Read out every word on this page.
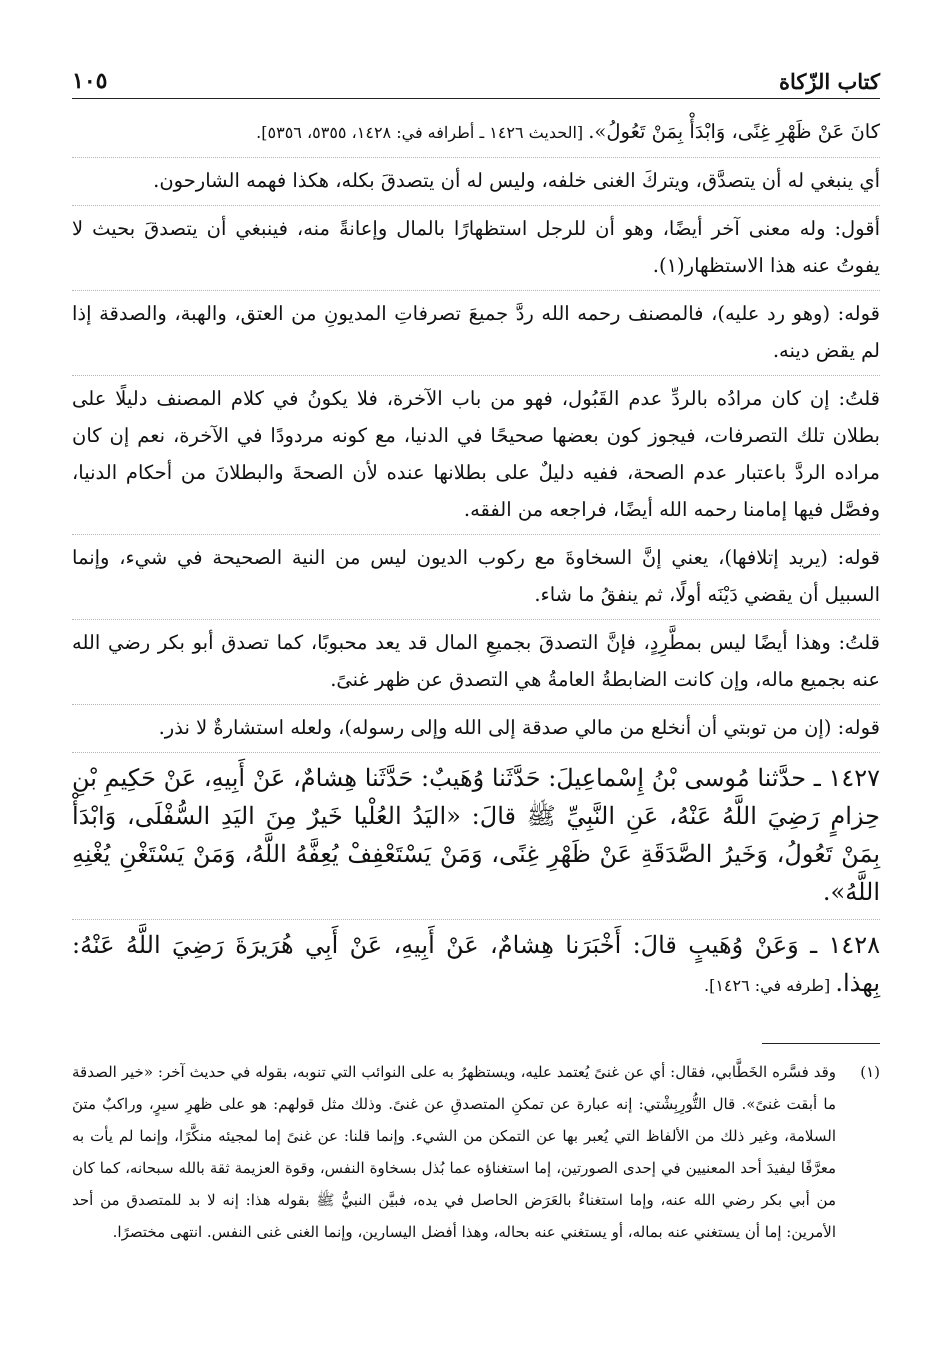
كتاب الزّكاة
١٠٥

كانَ عَنْ ظَهْرِ غِنًى، وَابْدَأْ بِمَنْ تَعُولُ». [الحديث ١٤٢٦ ـ أطرافه في: ١٤٢٨، ٥٣٥٥، ٥٣٥٦].

أي ينبغي له أن يتصدَّق، ويتركَ الغنى خلفه، وليس له أن يتصدقَ بكله، هكذا فهمه الشارحون.

أقول: وله معنى آخر أيضًا، وهو أن للرجل استظهارًا بالمال وإعانةً منه، فينبغي أن يتصدقَ بحيث لا يفوتُ عنه هذا الاستظهار(١).

قوله: (وهو رد عليه)، فالمصنف رحمه الله ردَّ جميعَ تصرفاتِ المديونِ من العتق، والهبة، والصدقة إذا لم يقض دينه.

قلتُ: إن كان مرادُه بالردِّ عدم القَبُول، فهو من باب الآخرة، فلا يكونُ في كلام المصنف دليلًا على بطلان تلك التصرفات، فيجوز كون بعضها صحيحًا في الدنيا، مع كونه مردودًا في الآخرة، نعم إن كان مراده الردَّ باعتبار عدم الصحة، ففيه دليلٌ على بطلانها عنده لأن الصحةَ والبطلانَ من أحكام الدنيا، وفصَّل فيها إمامنا رحمه الله أيضًا، فراجعه من الفقه.

قوله: (يريد إتلافها)، يعني إنَّ السخاوةَ مع ركوب الديون ليس من النية الصحيحة في شيء، وإنما السبيل أن يقضي دَيْنَه أولًا، ثم ينفقُ ما شاء.

قلتُ: وهذا أيضًا ليس بمطَّرِدٍ، فإنَّ التصدقَ بجميعِ المال قد يعد محبوبًا، كما تصدق أبو بكر رضي الله عنه بجميع ماله، وإن كانت الضابطةُ العامةُ هي التصدق عن ظهر غنىً.

قوله: (إن من توبتي أن أنخلع من مالي صدقة إلى الله وإلى رسوله)، ولعله استشارةٌ لا نذر.

١٤٢٧ ـ حدَّثنا مُوسى بْنُ إِسْماعِيلَ: حَدَّثَنا وُهَيبٌ: حَدَّثَنا هِشامٌ، عَنْ أَبِيهِ، عَنْ حَكِيمِ بْنِ حِزامٍ رَضِيَ اللَّهُ عَنْهُ، عَنِ النَّبِيِّ ﷺ قالَ: «اليَدُ العُلْيا خَيرٌ مِنَ اليَدِ السُّفْلَى، وَابْدَأْ بِمَنْ تَعُولُ، وَخَيرُ الصَّدَقَةِ عَنْ ظَهْرِ غِنًى، وَمَنْ يَسْتَعْفِفْ يُعِفَّهُ اللَّهُ، وَمَنْ يَسْتَغْنِ يُغْنِهِ اللَّهُ».

١٤٢٨ ـ وَعَنْ وُهَيبٍ قالَ: أَخْبَرَنا هِشامٌ، عَنْ أَبِيهِ، عَنْ أَبِي هُرَيرَةَ رَضِيَ اللَّهُ عَنْهُ: بِهذا. [طرفه في: ١٤٢٦].

(١)
وقد فسَّره الخَطَّابي، فقال: أي عن غنىً يُعتمد عليه، ويستظهرُ به على النوائب التي تنوبه، بقوله في حديث آخر: «خير الصدقة ما أبقت غنىً». قال التُّورِبِشْتي: إنه عبارة عن تمكنِ المتصدقِ عن غنىً. وذلك مثل قولهم: هو على ظهرِ سيرٍ، وراكبٌ متنَ السلامة، وغير ذلك من الألفاظ التي يُعبر بها عن التمكن من الشيء. وإنما قلنا: عن غنىً إما لمجيئه منكَّرًا، وإنما لم يأت به معرَّفًا ليفيدَ أحد المعنيين في إحدى الصورتين، إما استغناؤه عما بُذل بسخاوة النفس، وقوة العزيمة ثقة بالله سبحانه، كما كان من أبي بكر رضي الله عنه، وإما استغناءٌ بالعَرَض الحاصل في يده، فبيَّن النبيُّ ﷺ بقوله هذا: إنه لا بد للمتصدق من أحد الأمرين: إما أن يستغني عنه بماله، أو يستغني عنه بحاله، وهذا أفضل اليسارين، وإنما الغنى غنى النفس. انتهى مختصرًا.
